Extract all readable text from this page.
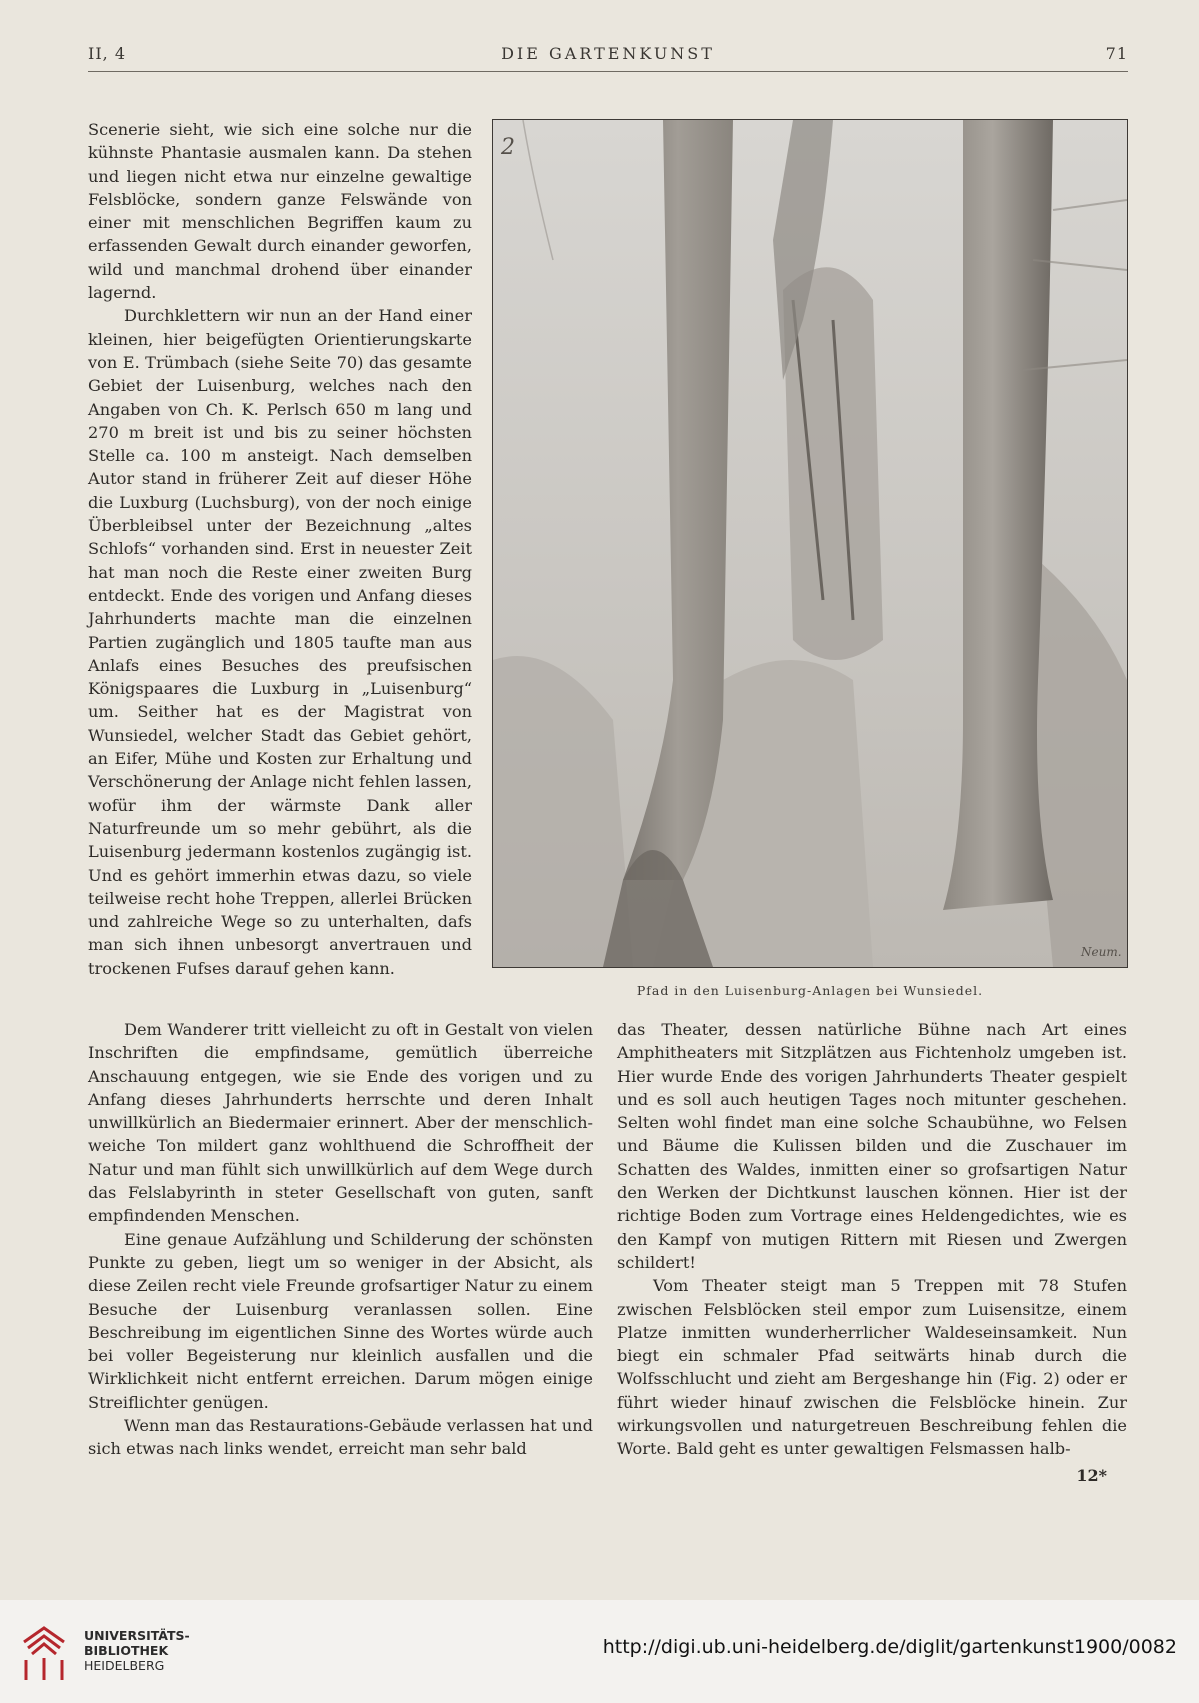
II, 4	DIE GARTENKUNST	71

Scenerie sieht, wie sich eine solche nur die kühnste Phantasie ausmalen kann. Da stehen und liegen nicht etwa nur einzelne gewaltige Felsblöcke, sondern ganze Felswände von einer mit menschlichen Begriffen kaum zu erfassenden Gewalt durch einander geworfen, wild und manchmal drohend über einander lagernd.

Durchklettern wir nun an der Hand einer kleinen, hier beigefügten Orientierungskarte von E. Trümbach (siehe Seite 70) das gesamte Gebiet der Luisenburg, welches nach den Angaben von Ch. K. Perlsch 650 m lang und 270 m breit ist und bis zu seiner höchsten Stelle ca. 100 m ansteigt. Nach demselben Autor stand in früherer Zeit auf dieser Höhe die Luxburg (Luchsburg), von der noch einige Überbleibsel unter der Bezeichnung „altes Schlofs“ vorhanden sind. Erst in neuester Zeit hat man noch die Reste einer zweiten Burg entdeckt. Ende des vorigen und Anfang dieses Jahrhunderts machte man die einzelnen Partien zugänglich und 1805 taufte man aus Anlafs eines Besuches des preufsischen Königspaares die Luxburg in „Luisenburg“ um. Seither hat es der Magistrat von Wunsiedel, welcher Stadt das Gebiet gehört, an Eifer, Mühe und Kosten zur Erhaltung und Verschönerung der Anlage nicht fehlen lassen, wofür ihm der wärmste Dank aller Naturfreunde um so mehr gebührt, als die Luisenburg jedermann kostenlos zugängig ist. Und es gehört immerhin etwas dazu, so viele teilweise recht hohe Treppen, allerlei Brücken und zahlreiche Wege so zu unterhalten, dafs man sich ihnen unbesorgt anvertrauen und trockenen Fufses darauf gehen kann.

2
Neum.
Pfad in den Luisenburg-Anlagen bei Wunsiedel.

Dem Wanderer tritt vielleicht zu oft in Gestalt von vielen Inschriften die empfindsame, gemütlich überreiche Anschauung entgegen, wie sie Ende des vorigen und zu Anfang dieses Jahrhunderts herrschte und deren Inhalt unwillkürlich an Biedermaier erinnert. Aber der menschlich-weiche Ton mildert ganz wohlthuend die Schroffheit der Natur und man fühlt sich unwillkürlich auf dem Wege durch das Felslabyrinth in steter Gesellschaft von guten, sanft empfindenden Menschen.

Eine genaue Aufzählung und Schilderung der schönsten Punkte zu geben, liegt um so weniger in der Absicht, als diese Zeilen recht viele Freunde grofsartiger Natur zu einem Besuche der Luisenburg veranlassen sollen. Eine Beschreibung im eigentlichen Sinne des Wortes würde auch bei voller Begeisterung nur kleinlich ausfallen und die Wirklichkeit nicht entfernt erreichen. Darum mögen einige Streiflichter genügen.

Wenn man das Restaurations-Gebäude verlassen hat und sich etwas nach links wendet, erreicht man sehr bald

das Theater, dessen natürliche Bühne nach Art eines Amphitheaters mit Sitzplätzen aus Fichtenholz umgeben ist. Hier wurde Ende des vorigen Jahrhunderts Theater gespielt und es soll auch heutigen Tages noch mitunter geschehen. Selten wohl findet man eine solche Schaubühne, wo Felsen und Bäume die Kulissen bilden und die Zuschauer im Schatten des Waldes, inmitten einer so grofsartigen Natur den Werken der Dichtkunst lauschen können. Hier ist der richtige Boden zum Vortrage eines Heldengedichtes, wie es den Kampf von mutigen Rittern mit Riesen und Zwergen schildert!

Vom Theater steigt man 5 Treppen mit 78 Stufen zwischen Felsblöcken steil empor zum Luisensitze, einem Platze inmitten wunderherrlicher Waldeseinsamkeit. Nun biegt ein schmaler Pfad seitwärts hinab durch die Wolfsschlucht und zieht am Bergeshange hin (Fig. 2) oder er führt wieder hinauf zwischen die Felsblöcke hinein. Zur wirkungsvollen und naturgetreuen Beschreibung fehlen die Worte. Bald geht es unter gewaltigen Felsmassen halb-

12*
UNIVERSITÄTS-
BIBLIOTHEK
HEIDELBERG
http://digi.ub.uni-heidelberg.de/diglit/gartenkunst1900/0082
